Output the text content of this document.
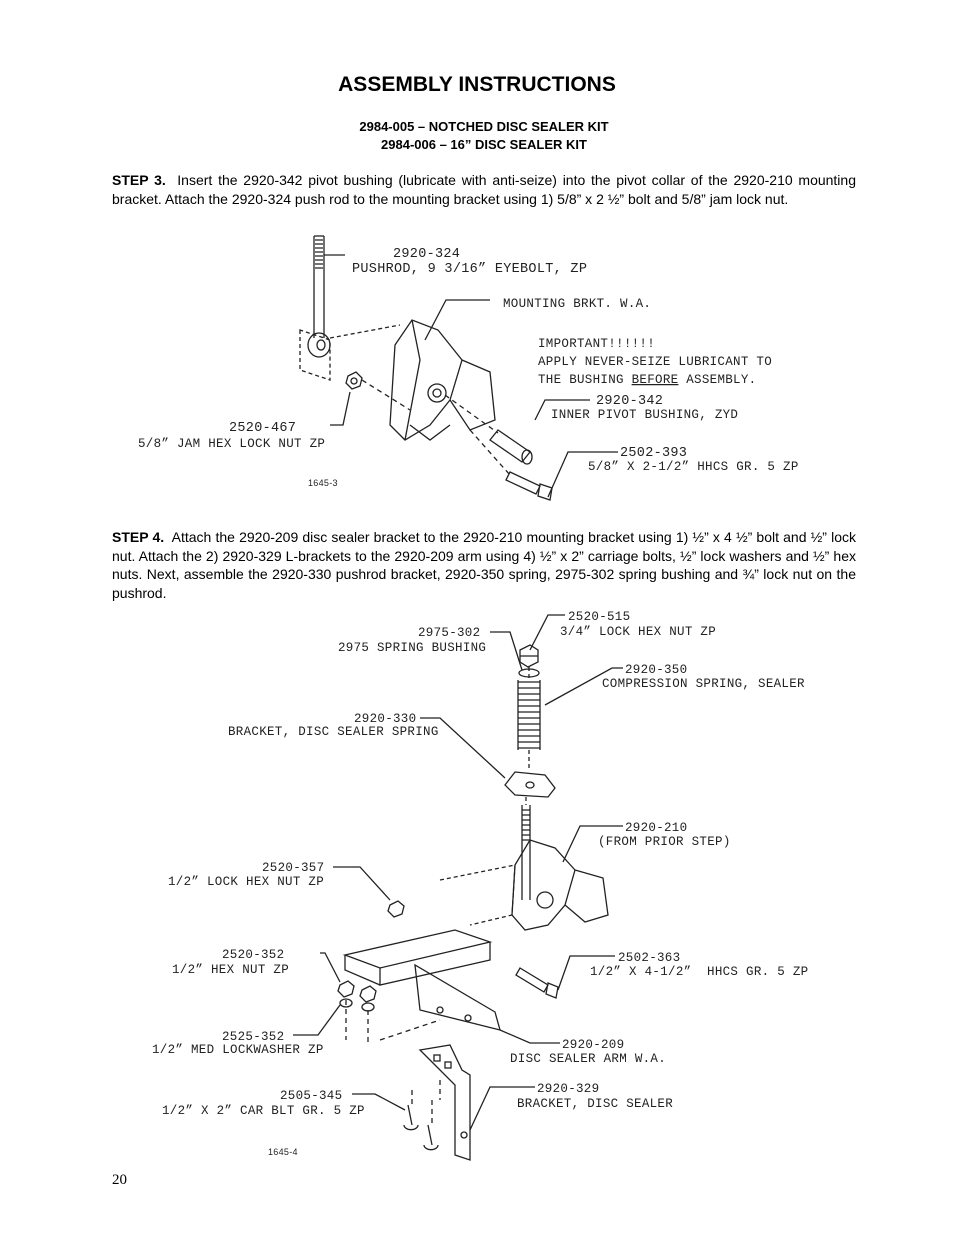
ASSEMBLY INSTRUCTIONS
2984-005 – NOTCHED DISC SEALER KIT
2984-006 – 16” DISC SEALER KIT
STEP 3. Insert the 2920-342 pivot bushing (lubricate with anti-seize) into the pivot collar of the 2920-210 mounting bracket. Attach the 2920-324 push rod to the mounting bracket using 1) 5/8” x 2 ½” bolt and 5/8” jam lock nut.
2920-324
PUSHROD, 9 3/16” EYEBOLT, ZP
MOUNTING BRKT. W.A.
IMPORTANT!!!!!!
APPLY NEVER-SEIZE LUBRICANT TO
THE BUSHING BEFORE ASSEMBLY.
2920-342
INNER PIVOT BUSHING, ZYD
2520-467
5/8” JAM HEX LOCK NUT ZP
2502-393
5/8” X 2-1/2” HHCS GR. 5 ZP
1645-3
STEP 4. Attach the 2920-209 disc sealer bracket to the 2920-210 mounting bracket using 1) ½” x 4 ½” bolt and ½” lock nut. Attach the 2) 2920-329 L-brackets to the 2920-209 arm using 4) ½” x 2” carriage bolts, ½” lock washers and ½” hex nuts. Next, assemble the 2920-330 pushrod bracket, 2920-350 spring, 2975-302 spring bushing and ¾” lock nut on the pushrod.
2520-515
3/4” LOCK HEX NUT ZP
2975-302
2975 SPRING BUSHING
2920-350
COMPRESSION SPRING, SEALER
2920-330
BRACKET, DISC SEALER SPRING
2920-210
(FROM PRIOR STEP)
2520-357
1/2” LOCK HEX NUT ZP
2520-352
1/2” HEX NUT ZP
2502-363
1/2” X 4-1/2”  HHCS GR. 5 ZP
2525-352
1/2” MED LOCKWASHER ZP	2920-209
DISC SEALER ARM W.A.
2505-345
1/2” X 2” CAR BLT GR. 5 ZP
2920-329
BRACKET, DISC SEALER
1645-4
20
